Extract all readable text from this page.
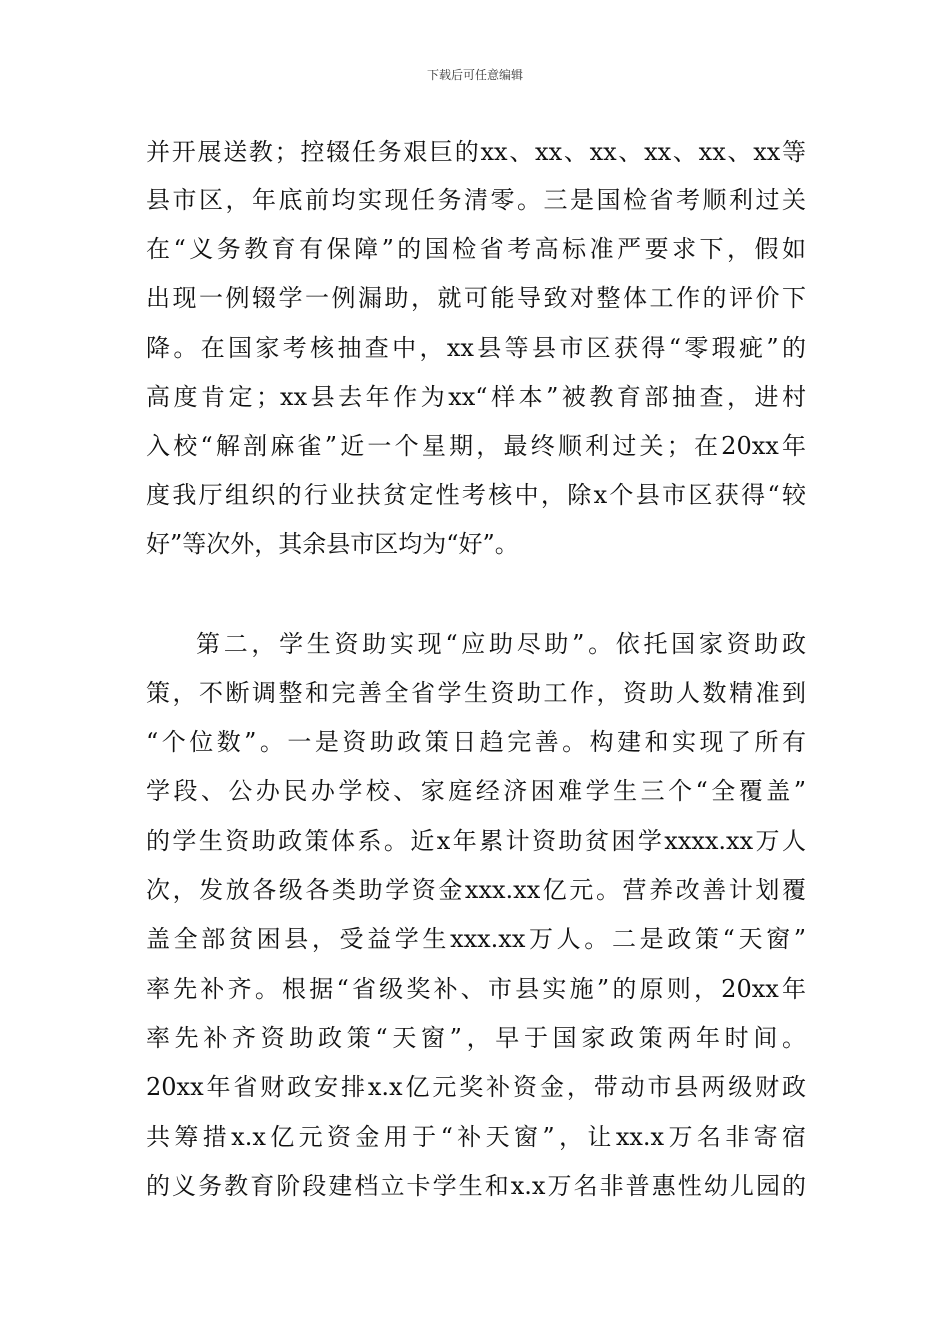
下载后可任意编辑
并开展送教；控辍任务艰巨的xx、xx、xx、xx、xx、xx等
县市区，年底前均实现任务清零。三是国检省考顺利过关
在“义务教育有保障”的国检省考高标准严要求下，假如
出现一例辍学一例漏助，就可能导致对整体工作的评价下
降。在国家考核抽查中，xx县等县市区获得“零瑕疵”的
高度肯定；xx县去年作为xx“样本”被教育部抽查，进村
入校“解剖麻雀”近一个星期，最终顺利过关；在20xx年
度我厅组织的行业扶贫定性考核中，除x个县市区获得“较
好”等次外，其余县市区均为“好”。
第二，学生资助实现“应助尽助”。依托国家资助政
策，不断调整和完善全省学生资助工作，资助人数精准到
“个位数”。一是资助政策日趋完善。构建和实现了所有
学段、公办民办学校、家庭经济困难学生三个“全覆盖”
的学生资助政策体系。近x年累计资助贫困学xxxx.xx万人
次，发放各级各类助学资金xxx.xx亿元。营养改善计划覆
盖全部贫困县，受益学生xxx.xx万人。二是政策“天窗”
率先补齐。根据“省级奖补、市县实施”的原则，20xx年
率先补齐资助政策“天窗”，早于国家政策两年时间。
20xx年省财政安排x.x亿元奖补资金，带动市县两级财政
共筹措x.x亿元资金用于“补天窗”，让xx.x万名非寄宿
的义务教育阶段建档立卡学生和x.x万名非普惠性幼儿园的
